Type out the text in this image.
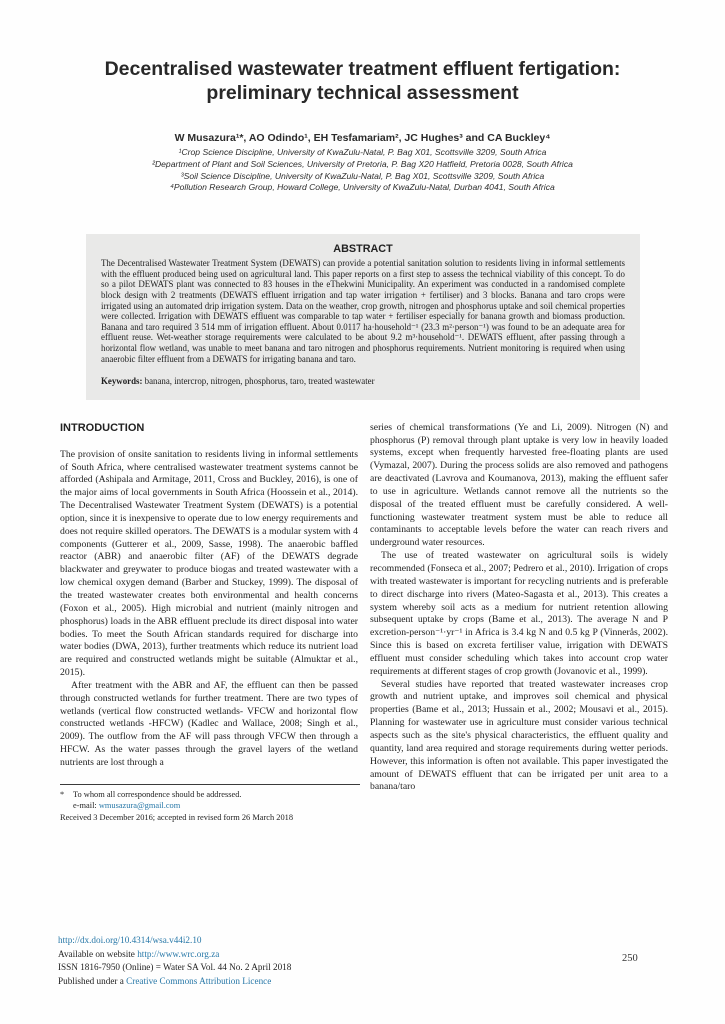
Decentralised wastewater treatment effluent fertigation:
preliminary technical assessment
W Musazura¹*, AO Odindo¹, EH Tesfamariam², JC Hughes³ and CA Buckley⁴
¹Crop Science Discipline, University of KwaZulu-Natal, P. Bag X01, Scottsville 3209, South Africa
²Department of Plant and Soil Sciences, University of Pretoria, P. Bag X20 Hatfield, Pretoria 0028, South Africa
³Soil Science Discipline, University of KwaZulu-Natal, P. Bag X01, Scottsville 3209, South Africa
⁴Pollution Research Group, Howard College, University of KwaZulu-Natal, Durban 4041, South Africa
ABSTRACT
The Decentralised Wastewater Treatment System (DEWATS) can provide a potential sanitation solution to residents living in informal settlements with the effluent produced being used on agricultural land. This paper reports on a first step to assess the technical viability of this concept. To do so a pilot DEWATS plant was connected to 83 houses in the eThekwini Municipality. An experiment was conducted in a randomised complete block design with 2 treatments (DEWATS effluent irrigation and tap water irrigation + fertiliser) and 3 blocks. Banana and taro crops were irrigated using an automated drip irrigation system. Data on the weather, crop growth, nitrogen and phosphorus uptake and soil chemical properties were collected. Irrigation with DEWATS effluent was comparable to tap water + fertiliser especially for banana growth and biomass production. Banana and taro required 3 514 mm of irrigation effluent. About 0.0117 ha·household⁻¹ (23.3 m²·person⁻¹) was found to be an adequate area for effluent reuse. Wet-weather storage requirements were calculated to be about 9.2 m³·household⁻¹. DEWATS effluent, after passing through a horizontal flow wetland, was unable to meet banana and taro nitrogen and phosphorus requirements. Nutrient monitoring is required when using anaerobic filter effluent from a DEWATS for irrigating banana and taro.
Keywords: banana, intercrop, nitrogen, phosphorus, taro, treated wastewater
INTRODUCTION

The provision of onsite sanitation to residents living in informal settlements of South Africa, where centralised wastewater treatment systems cannot be afforded (Ashipala and Armitage, 2011, Cross and Buckley, 2016), is one of the major aims of local governments in South Africa (Hoossein et al., 2014). The Decentralised Wastewater Treatment System (DEWATS) is a potential option, since it is inexpensive to operate due to low energy requirements and does not require skilled operators. The DEWATS is a modular system with 4 components (Gutterer et al., 2009, Sasse, 1998). The anaerobic baffled reactor (ABR) and anaerobic filter (AF) of the DEWATS degrade blackwater and greywater to produce biogas and treated wastewater with a low chemical oxygen demand (Barber and Stuckey, 1999). The disposal of the treated wastewater creates both environmental and health concerns (Foxon et al., 2005). High microbial and nutrient (mainly nitrogen and phosphorus) loads in the ABR effluent preclude its direct disposal into water bodies. To meet the South African standards required for discharge into water bodies (DWA, 2013), further treatments which reduce its nutrient load are required and constructed wetlands might be suitable (Almuktar et al., 2015).

After treatment with the ABR and AF, the effluent can then be passed through constructed wetlands for further treatment. There are two types of wetlands (vertical flow constructed wetlands- VFCW and horizontal flow constructed wetlands -HFCW) (Kadlec and Wallace, 2008; Singh et al., 2009). The outflow from the AF will pass through VFCW then through a HFCW. As the water passes through the gravel layers of the wetland nutrients are lost through a

* To whom all correspondence should be addressed.
e-mail: wmusazura@gmail.com
Received 3 December 2016; accepted in revised form 26 March 2018

series of chemical transformations (Ye and Li, 2009). Nitrogen (N) and phosphorus (P) removal through plant uptake is very low in heavily loaded systems, except when frequently harvested free-floating plants are used (Vymazal, 2007). During the process solids are also removed and pathogens are deactivated (Lavrova and Koumanova, 2013), making the effluent safer to use in agriculture. Wetlands cannot remove all the nutrients so the disposal of the treated effluent must be carefully considered. A well-functioning wastewater treatment system must be able to reduce all contaminants to acceptable levels before the water can reach rivers and underground water resources.

The use of treated wastewater on agricultural soils is widely recommended (Fonseca et al., 2007; Pedrero et al., 2010). Irrigation of crops with treated wastewater is important for recycling nutrients and is preferable to direct discharge into rivers (Mateo-Sagasta et al., 2013). This creates a system whereby soil acts as a medium for nutrient retention allowing subsequent uptake by crops (Bame et al., 2013). The average N and P excretion-person⁻¹·yr⁻¹ in Africa is 3.4 kg N and 0.5 kg P (Vinnerås, 2002). Since this is based on excreta fertiliser value, irrigation with DEWATS effluent must consider scheduling which takes into account crop water requirements at different stages of crop growth (Jovanovic et al., 1999).

Several studies have reported that treated wastewater increases crop growth and nutrient uptake, and improves soil chemical and physical properties (Bame et al., 2013; Hussain et al., 2002; Mousavi et al., 2015). Planning for wastewater use in agriculture must consider various technical aspects such as the site's physical characteristics, the effluent quality and quantity, land area required and storage requirements during wetter periods. However, this information is often not available. This paper investigated the amount of DEWATS effluent that can be irrigated per unit area to a banana/taro

http://dx.doi.org/10.4314/wsa.v44i2.10
Available on website http://www.wrc.org.za
ISSN 1816-7950 (Online) = Water SA Vol. 44 No. 2 April 2018
Published under a Creative Commons Attribution Licence
250
